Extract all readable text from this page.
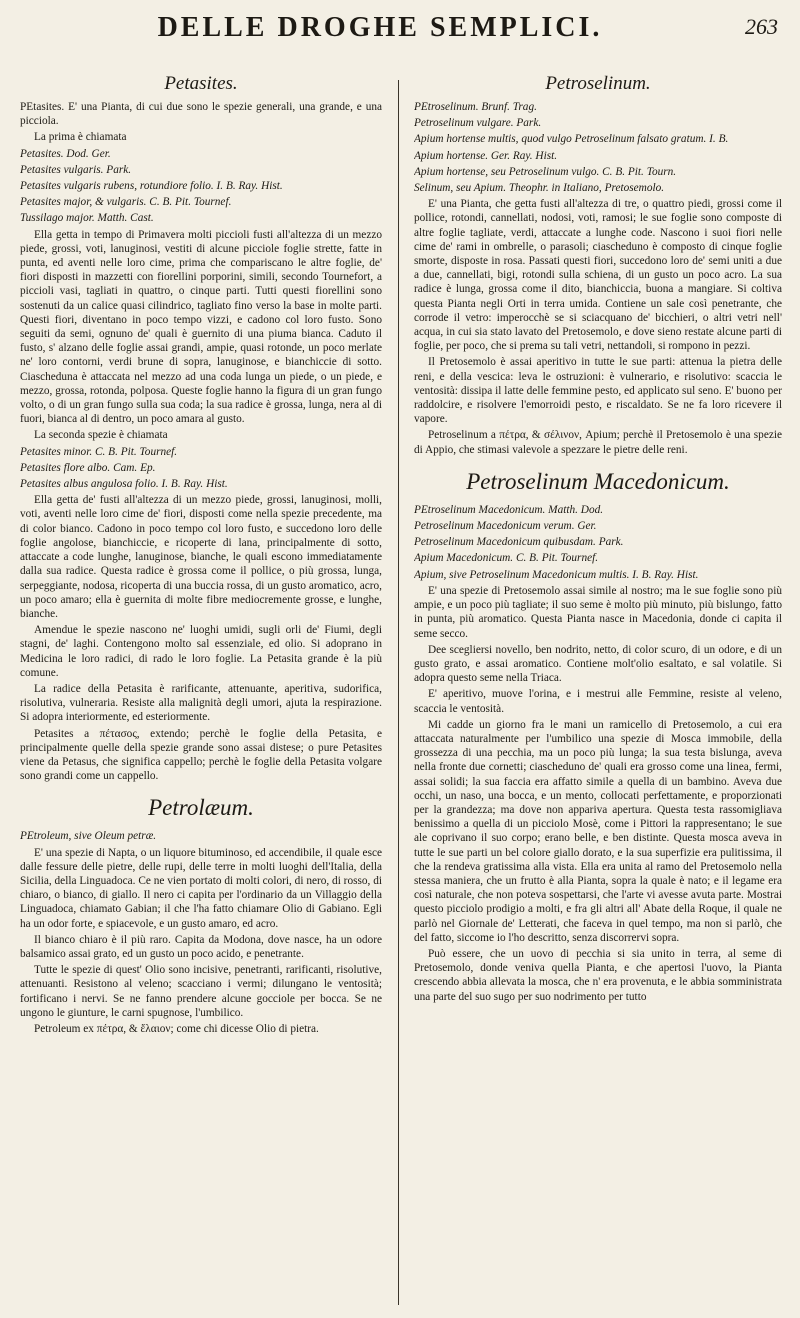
DELLE DROGHE SEMPLICI.	263
Petasites.

PEtasites. E' una Pianta, di cui due sono le spezie generali, una grande, e una picciola.

La prima è chiamata

Petasites. Dod. Ger.

Petasites vulgaris. Park.

Petasites vulgaris rubens, rotundiore folio. I. B. Ray. Hist.

Petasites major, & vulgaris. C. B. Pit. Tournef.

Tussilago major. Matth. Cast.

Ella getta in tempo di Primavera molti piccioli fusti all'altezza di un mezzo piede, grossi, voti, lanuginosi, vestiti di alcune picciole foglie strette, fatte in punta, ed aventi nelle loro cime, prima che compariscano le altre foglie, de' fiori disposti in mazzetti con fiorellini porporini, simili, secondo Tournefort, a piccioli vasi, tagliati in quattro, o cinque parti. Tutti questi fiorellini sono sostenuti da un calice quasi cilindrico, tagliato fino verso la base in molte parti. Questi fiori, diventano in poco tempo vizzi, e cadono col loro fusto. Sono seguiti da semi, ognuno de' quali è guernito di una piuma bianca. Caduto il fusto, s' alzano delle foglie assai grandi, ampie, quasi rotonde, un poco merlate ne' loro contorni, verdi brune di sopra, lanuginose, e bianchiccie di sotto. Ciascheduna è attaccata nel mezzo ad una coda lunga un piede, o un piede, e mezzo, grossa, rotonda, polposa. Queste foglie hanno la figura di un gran fungo volto, o di un gran fungo sulla sua coda; la sua radice è grossa, lunga, nera al di fuori, bianca al di dentro, un poco amara al gusto.

La seconda spezie è chiamata

Petasites minor. C. B. Pit. Tournef.

Petasites flore albo. Cam. Ep.

Petasites albus angulosa folio. I. B. Ray. Hist.

Ella getta de' fusti all'altezza di un mezzo piede, grossi, lanuginosi, molli, voti, aventi nelle loro cime de' fiori, disposti come nella spezie precedente, ma di color bianco. Cadono in poco tempo col loro fusto, e succedono loro delle foglie angolose, bianchiccie, e ricoperte di lana, principalmente di sotto, attaccate a code lunghe, lanuginose, bianche, le quali escono immediatamente dalla sua radice. Questa radice è grossa come il pollice, o più grossa, lunga, serpeggiante, nodosa, ricoperta di una buccia rossa, di un gusto aromatico, acro, un poco amaro; ella è guernita di molte fibre mediocremente grosse, e lunghe, bianche.

Amendue le spezie nascono ne' luoghi umidi, sugli orli de' Fiumi, degli stagni, de' laghi. Contengono molto sal essenziale, ed olio. Si adoprano in Medicina le loro radici, di rado le loro foglie. La Petasita grande è la più comune.

La radice della Petasita è rarificante, attenuante, aperitiva, sudorifica, risolutiva, vulneraria. Resiste alla malignità degli umori, ajuta la respirazione. Si adopra interiormente, ed esteriormente.

Petasites a πέτασος, extendo; perchè le foglie della Petasita, e principalmente quelle della spezie grande sono assai distese; o pure Petasites viene da Petasus, che significa cappello; perchè le foglie della Petasita volgare sono grandi come un cappello.

Petrolæum.

PEtroleum, sive Oleum petræ.

E' una spezie di Napta, o un liquore bituminoso, ed accendibile, il quale esce dalle fessure delle pietre, delle rupi, delle terre in molti luoghi dell'Italia, della Sicilia, della Linguadoca. Ce ne vien portato di molti colori, di nero, di rosso, di chiaro, o bianco, di giallo. Il nero ci capita per l'ordinario da un Villaggio della Linguadoca, chiamato Gabian; il che l'ha fatto chiamare Olio di Gabiano. Egli ha un odor forte, e spiacevole, e un gusto amaro, ed acro.

Il bianco chiaro è il più raro. Capita da Modona, dove nasce, ha un odore balsamico assai grato, ed un gusto un poco acido, e penetrante.

Tutte le spezie di quest' Olio sono incisive, penetranti, rarificanti, risolutive, attenuanti. Resistono al veleno; scacciano i vermi; dilungano le ventosità; fortificano i nervi. Se ne fanno prendere alcune gocciole per bocca. Se ne ungono le giunture, le carni spugnose, l'umbilico.

Petroleum ex πέτρα, & ἔλαιον; come chi dicesse Olio di pietra.

Petroselinum.

PEtroselinum. Brunf. Trag.

Petroselinum vulgare. Park.

Apium hortense multis, quod vulgo Petroselinum falsato gratum. I. B.

Apium hortense. Ger. Ray. Hist.

Apium hortense, seu Petroselinum vulgo. C. B. Pit. Tourn.

Selinum, seu Apium. Theophr. in Italiano, Pretosemolo.

E' una Pianta, che getta fusti all'altezza di tre, o quattro piedi, grossi come il pollice, rotondi, cannellati, nodosi, voti, ramosi; le sue foglie sono composte di altre foglie tagliate, verdi, attaccate a lunghe code. Nascono i suoi fiori nelle cime de' rami in ombrelle, o parasoli; ciascheduno è composto di cinque foglie smorte, disposte in rosa. Passati questi fiori, succedono loro de' semi uniti a due a due, cannellati, bigi, rotondi sulla schiena, di un gusto un poco acro. La sua radice è lunga, grossa come il dito, bianchiccia, buona a mangiare. Si coltiva questa Pianta negli Orti in terra umida. Contiene un sale così penetrante, che corrode il vetro: imperocchè se si sciacquano de' bicchieri, o altri vetri nell' acqua, in cui sia stato lavato del Pretosemolo, e dove sieno restate alcune parti di foglie, per poco, che si prema su tali vetri, nettandoli, si rompono in pezzi.

Il Pretosemolo è assai aperitivo in tutte le sue parti: attenua la pietra delle reni, e della vescica: leva le ostruzioni: è vulnerario, e risolutivo: scaccia le ventosità: dissipa il latte delle femmine pesto, ed applicato sul seno. E' buono per raddolcire, e risolvere l'emorroidi pesto, e riscaldato. Se ne fa loro ricevere il vapore.

Petroselinum a πέτρα, & σέλινον, Apium; perchè il Pretosemolo è una spezie di Appio, che stimasi valevole a spezzare le pietre delle reni.

Petroselinum Macedonicum.

PEtroselinum Macedonicum. Matth. Dod.

Petroselinum Macedonicum verum. Ger.

Petroselinum Macedonicum quibusdam. Park.

Apium Macedonicum. C. B. Pit. Tournef.

Apium, sive Petroselinum Macedonicum multis. I. B. Ray. Hist.

E' una spezie di Pretosemolo assai simile al nostro; ma le sue foglie sono più ampie, e un poco più tagliate; il suo seme è molto più minuto, più bislungo, fatto in punta, più aromatico. Questa Pianta nasce in Macedonia, donde ci capita il seme secco.

Dee scegliersi novello, ben nodrito, netto, di color scuro, di un odore, e di un gusto grato, e assai aromatico. Contiene molt'olio esaltato, e sal volatile. Si adopra questo seme nella Triaca.

E' aperitivo, muove l'orina, e i mestrui alle Femmine, resiste al veleno, scaccia le ventosità.

Mi cadde un giorno fra le mani un ramicello di Pretosemolo, a cui era attaccata naturalmente per l'umbilico una spezie di Mosca immobile, della grossezza di una pecchia, ma un poco più lunga; la sua testa bislunga, aveva nella fronte due cornetti; ciascheduno de' quali era grosso come una linea, fermi, assai solidi; la sua faccia era affatto simile a quella di un bambino. Aveva due occhi, un naso, una bocca, e un mento, collocati perfettamente, e proporzionati per la grandezza; ma dove non appariva apertura. Questa testa rassomigliava benissimo a quella di un picciolo Mosè, come i Pittori la rappresentano; le sue ale coprivano il suo corpo; erano belle, e ben distinte. Questa mosca aveva in tutte le sue parti un bel colore giallo dorato, e la sua superfizie era pulitissima, il che la rendeva gratissima alla vista. Ella era unita al ramo del Pretosemolo nella stessa maniera, che un frutto è alla Pianta, sopra la quale è nato; e il legame era così naturale, che non poteva sospettarsi, che l'arte vi avesse avuta parte. Mostrai questo picciolo prodigio a molti, e fra gli altri all' Abate della Roque, il quale ne parlò nel Giornale de' Letterati, che faceva in quel tempo, ma non si parlò, che del fatto, siccome io l'ho descritto, senza discorrervi sopra.

Può essere, che un uovo di pecchia si sia unito in terra, al seme di Pretosemolo, donde veniva quella Pianta, e che apertosi l'uovo, la Pianta crescendo abbia allevata la mosca, che n' era provenuta, e le abbia somministrata una parte del suo sugo per suo nodrimento per tutto
